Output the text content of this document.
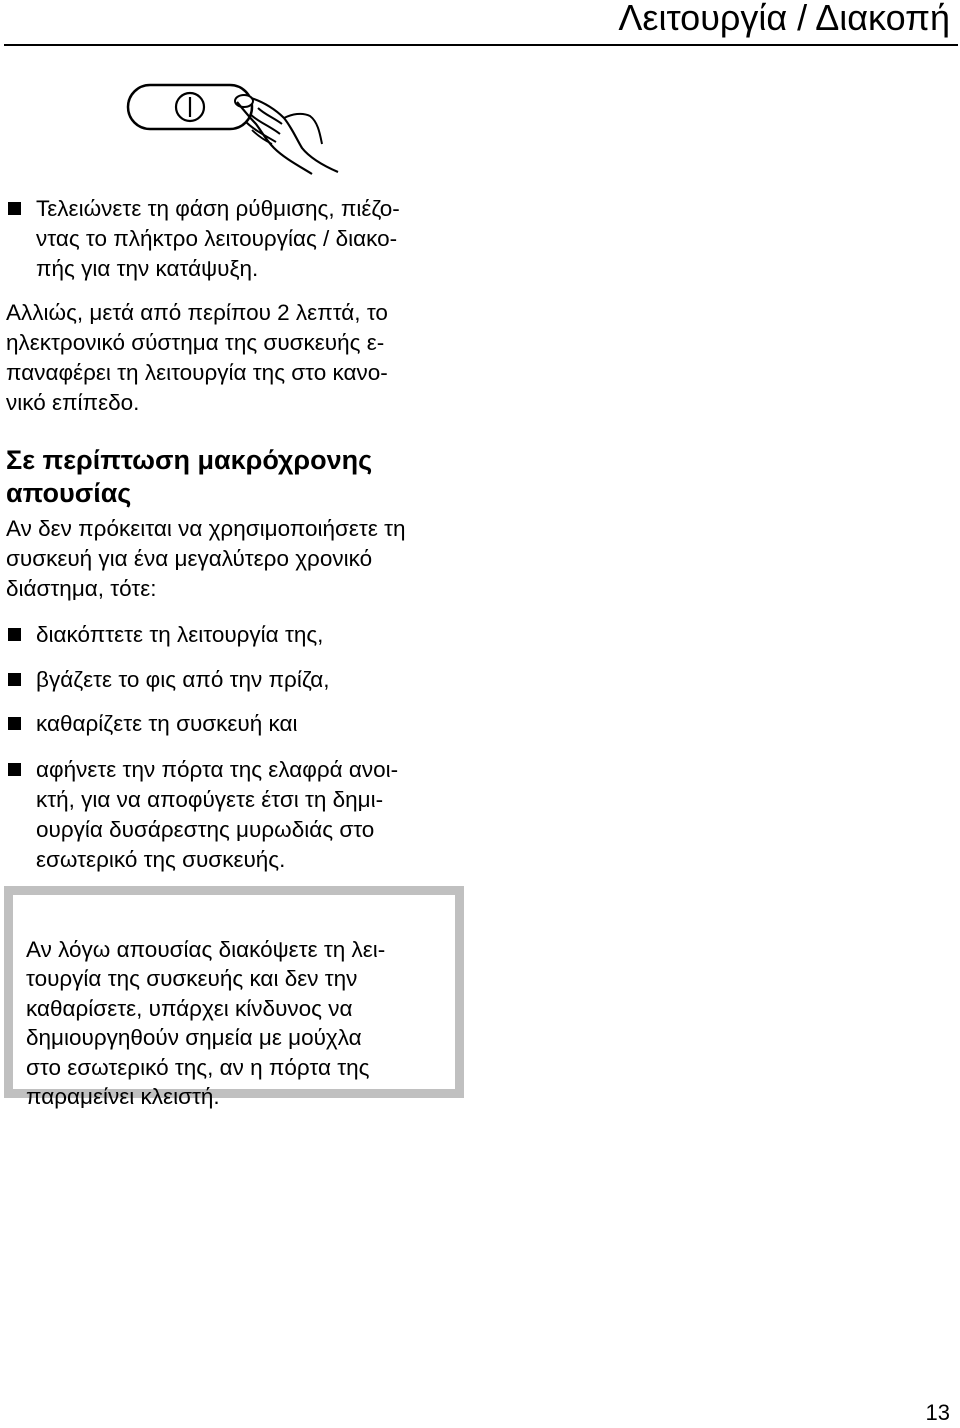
Λειτουργία / Διακοπή
Τελειώνετε τη φάση ρύθμισης, πιέζο-
ντας το πλήκτρο λειτουργίας / διακο-
πής για την κατάψυξη.
Αλλιώς, μετά από περίπου 2 λεπτά, το
ηλεκτρονικό σύστημα της συσκευής ε-
παναφέρει τη λειτουργία της στο κανο-
νικό επίπεδο.
Σε περίπτωση μακρόχρονης
απουσίας
Αν δεν πρόκειται να χρησιμοποιήσετε τη
συσκευή για ένα μεγαλύτερο χρονικό
διάστημα, τότε:
διακόπτετε τη λειτουργία της,
βγάζετε το φις από την πρίζα,
καθαρίζετε τη συσκευή και
αφήνετε την πόρτα της ελαφρά ανοι-
κτή, για να αποφύγετε έτσι τη δημι-
ουργία δυσάρεστης μυρωδιάς στο
εσωτερικό της συσκευής.

Αν λόγω απουσίας διακόψετε τη λει-
τουργία της συσκευής και δεν την
καθαρίσετε, υπάρχει κίνδυνος να
δημιουργηθούν σημεία με μούχλα
στο εσωτερικό της, αν η πόρτα της
παραμείνει κλειστή.

13
